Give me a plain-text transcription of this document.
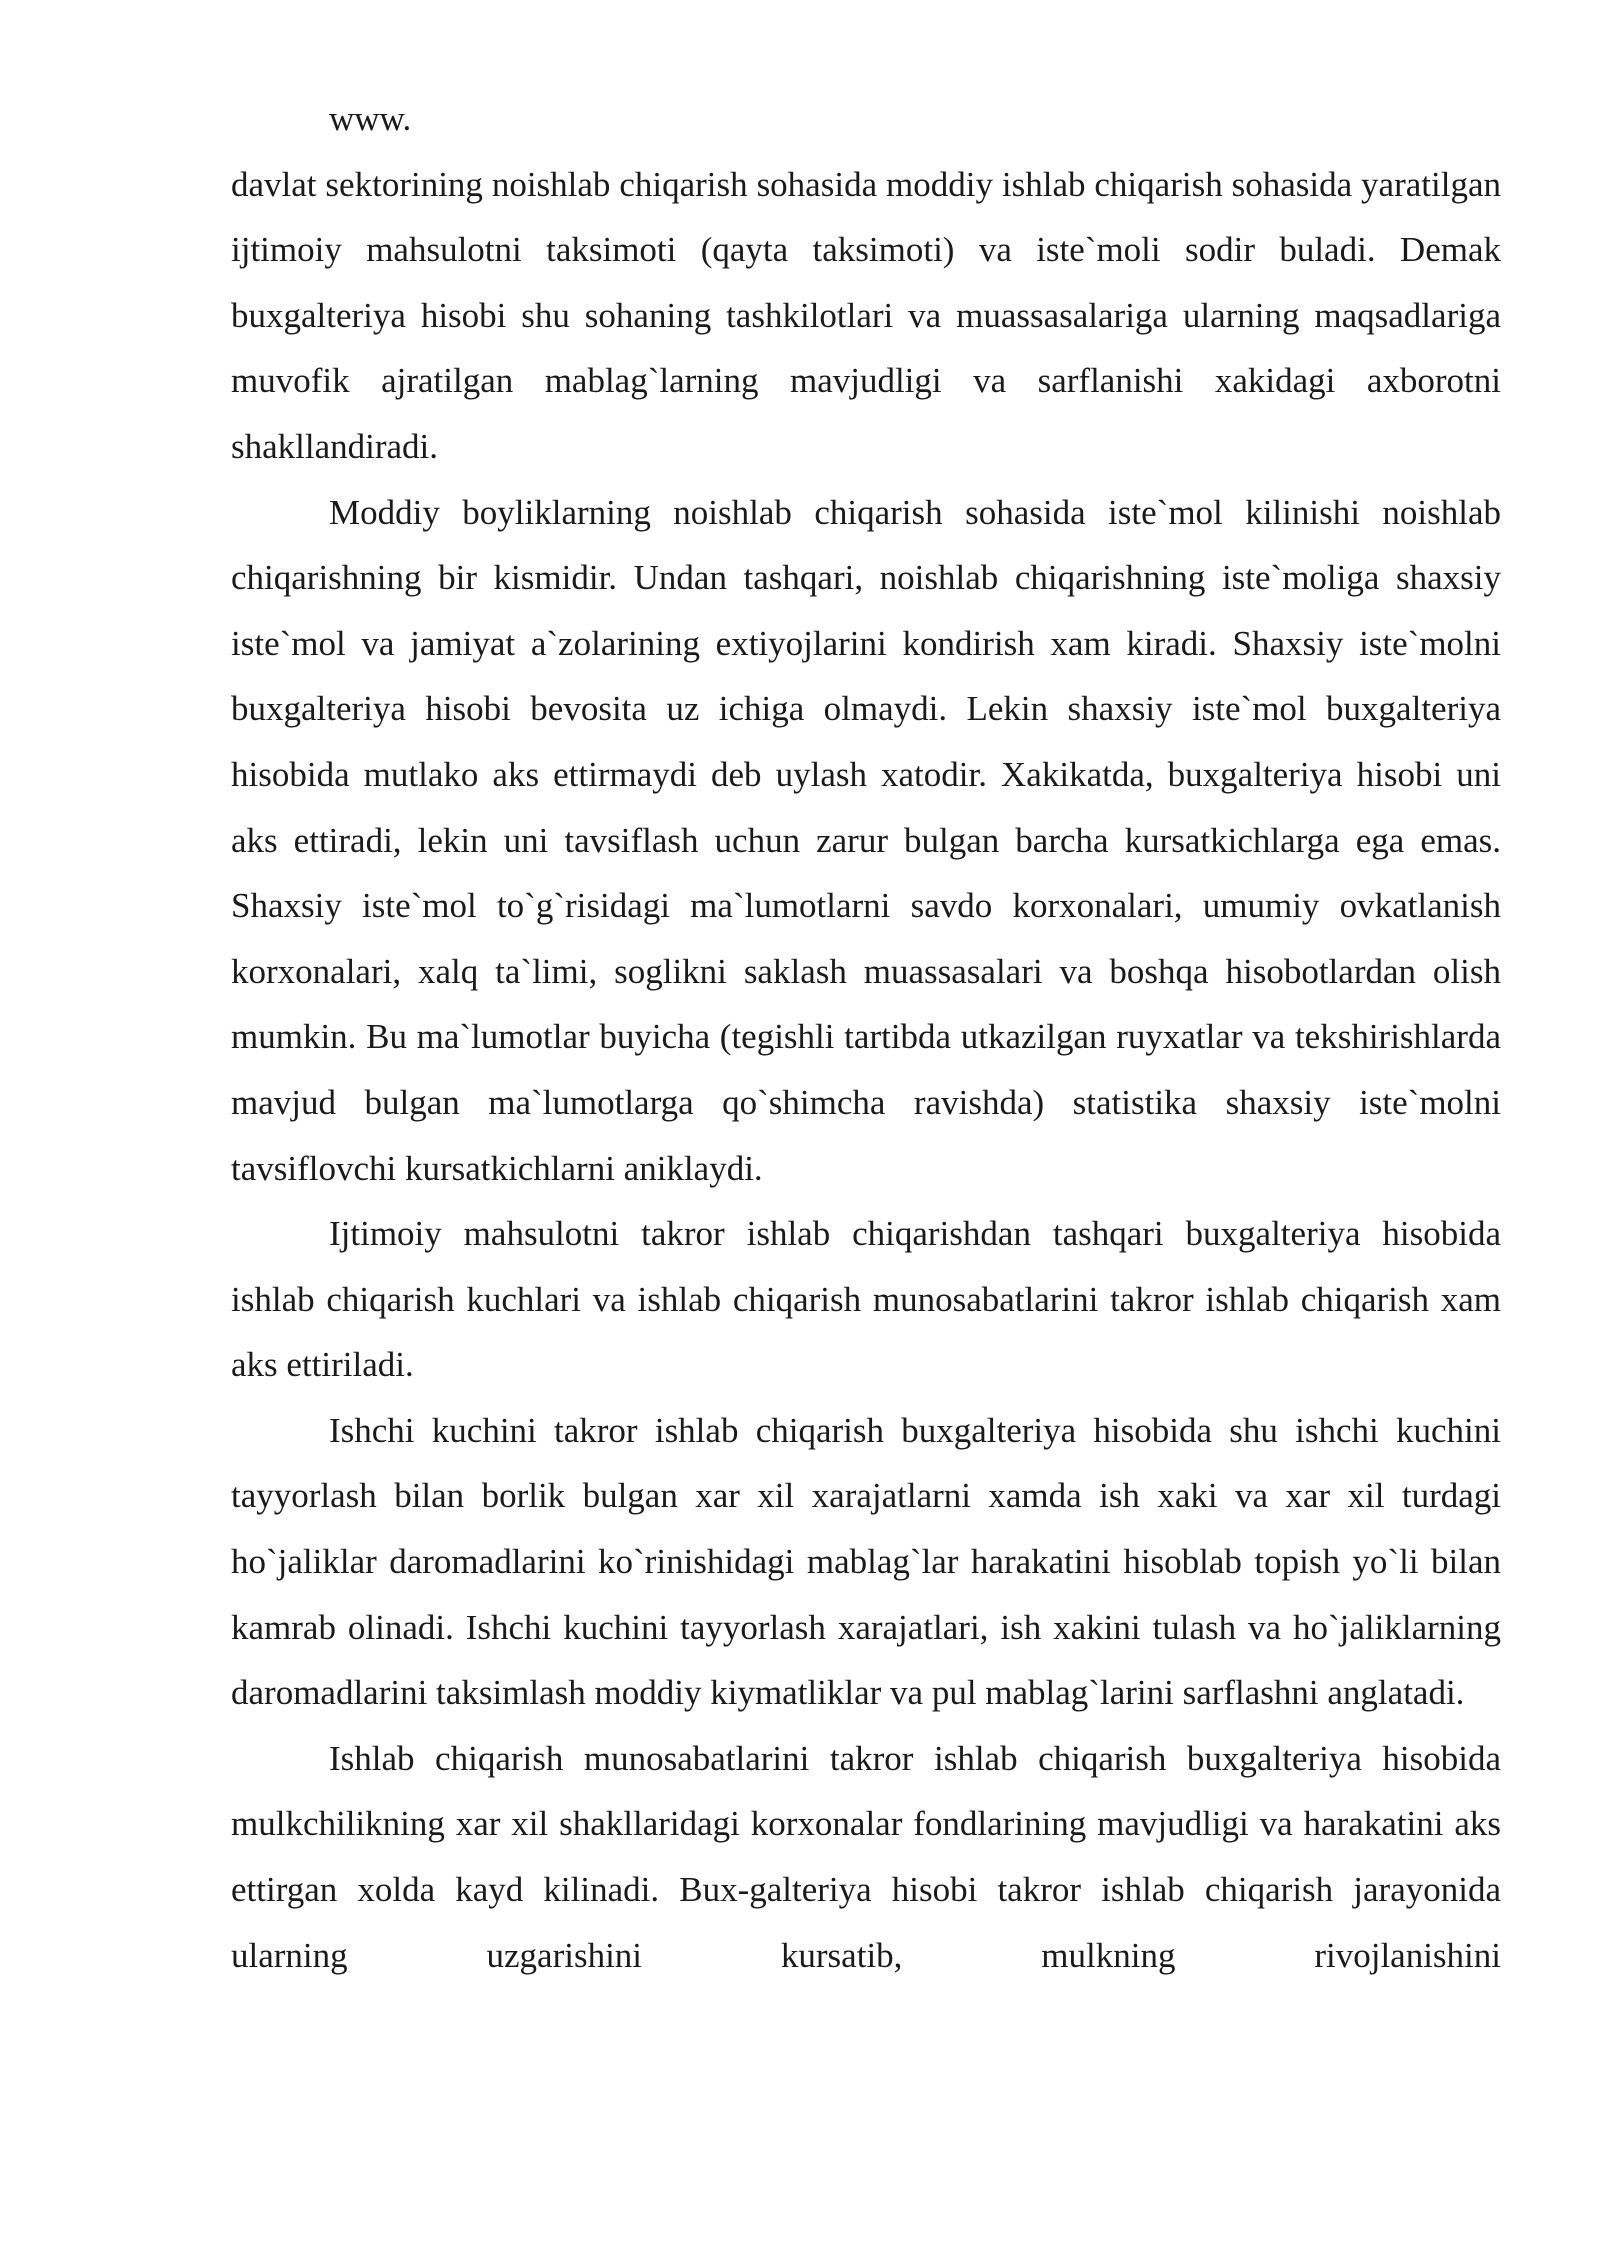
www.

davlat sektorining noishlab chiqarish sohasida moddiy ishlab chiqarish sohasida yaratilgan ijtimoiy mahsulotni taksimoti (qayta taksimoti) va iste`moli sodir buladi. Demak buxgalteriya hisobi shu sohaning tashkilotlari va muassasalariga ularning maqsadlariga muvofik ajratilgan mablag`larning mavjudligi va sarflanishi xakidagi axborotni shakllandiradi.

Moddiy boyliklarning noishlab chiqarish sohasida iste`mol kilinishi noishlab chiqarishning bir kismidir. Undan tashqari, noishlab chiqarishning iste`moliga shaxsiy iste`mol va jamiyat a`zolarining extiyojlarini kondirish xam kiradi. Shaxsiy iste`molni buxgalteriya hisobi bevosita uz ichiga olmaydi. Lekin shaxsiy iste`mol buxgalteriya hisobida mutlako aks ettirmaydi deb uylash xatodir. Xakikatda, buxgalteriya hisobi uni aks ettiradi, lekin uni tavsiflash uchun zarur bulgan barcha kursatkichlarga ega emas. Shaxsiy iste`mol to`g`risidagi ma`lumotlarni savdo korxonalari, umumiy ovkatlanish korxonalari, xalq ta`limi, soglikni saklash muassasalari va boshqa hisobotlardan olish mumkin. Bu ma`lumotlar buyicha (tegishli tartibda utkazilgan ruyxatlar va tekshirishlarda mavjud bulgan ma`lumotlarga qo`shimcha ravishda) statistika shaxsiy iste`molni tavsiflovchi kursatkichlarni aniklaydi.

Ijtimoiy mahsulotni takror ishlab chiqarishdan tashqari buxgalteriya hisobida ishlab chiqarish kuchlari va ishlab chiqarish munosabatlarini takror ishlab chiqarish xam aks ettiriladi.

Ishchi kuchini takror ishlab chiqarish buxgalteriya hisobida shu ishchi kuchini tayyorlash bilan borlik bulgan xar xil xarajatlarni xamda ish xaki va xar xil turdagi ho`jaliklar daromadlarini ko`rinishidagi mablag`lar harakatini hisoblab topish yo`li bilan kamrab olinadi. Ishchi kuchini tayyorlash xarajatlari, ish xakini tulash va ho`jaliklarning daromadlarini taksimlash moddiy kiymatliklar va pul mablag`larini sarflashni anglatadi.

Ishlab chiqarish munosabatlarini takror ishlab chiqarish buxgalteriya hisobida mulkchilikning xar xil shakllaridagi korxonalar fondlarining mavjudligi va harakatini aks ettirgan xolda kayd kilinadi. Bux-galteriya hisobi takror ishlab chiqarish jarayonida ularning uzgarishini kursatib, mulkning rivojlanishini
